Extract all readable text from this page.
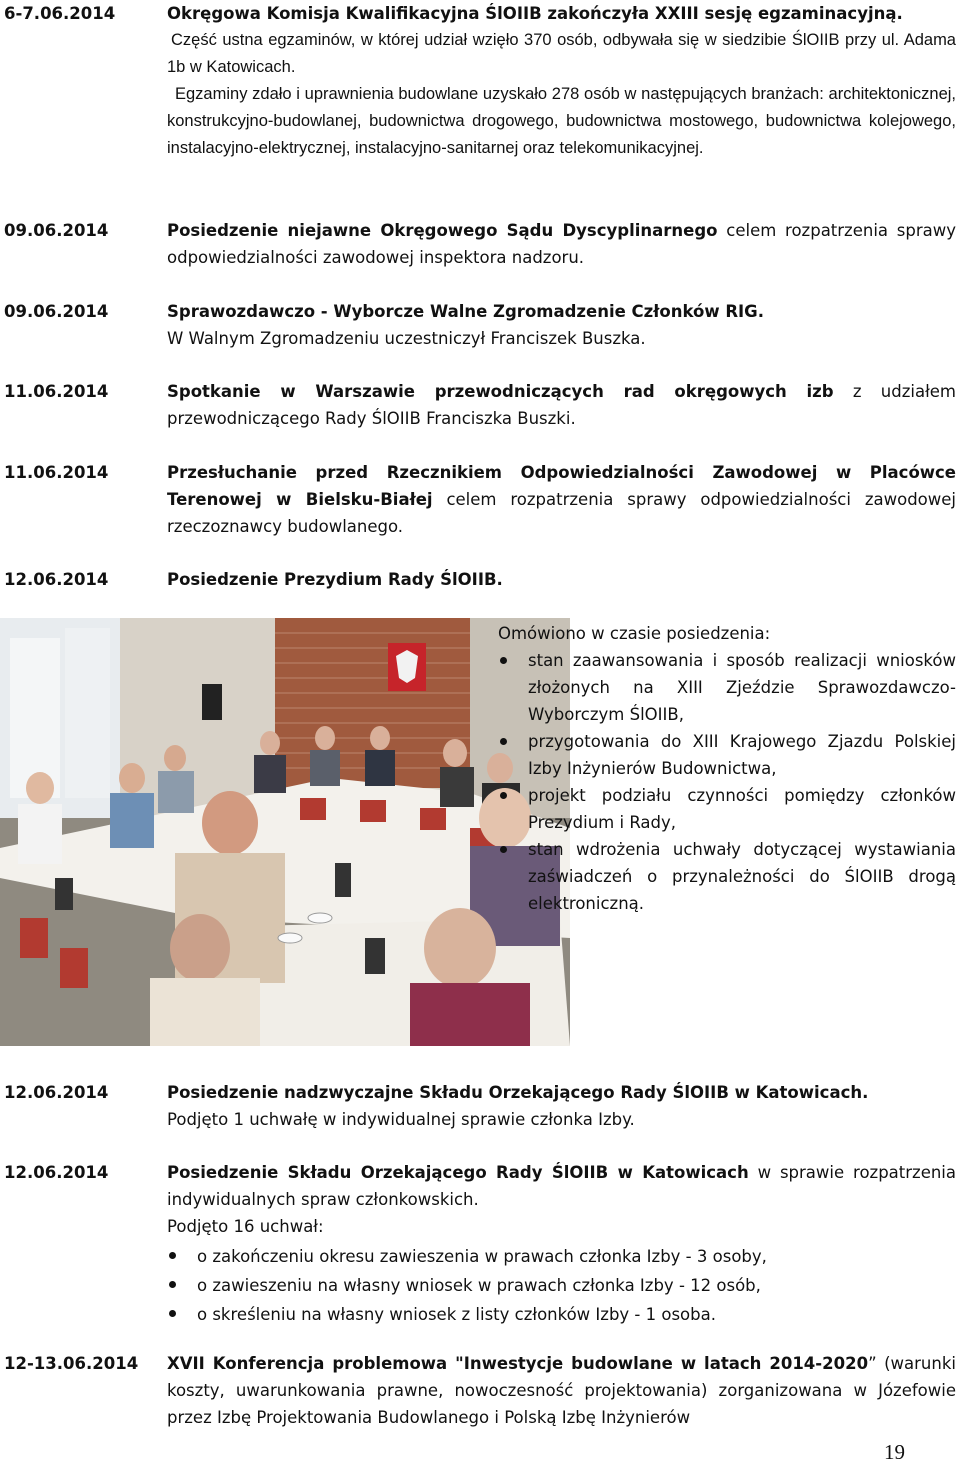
6-7.06.2014	Okręgowa Komisja Kwalifikacyjna ŚlOIIB zakończyła XXIII sesję egzaminacyjną.

Część ustna egzaminów, w której udział wzięło 370 osób, odbywała się w siedzibie ŚlOIIB przy ul. Adama 1b w Katowicach.

Egzaminy zdało i uprawnienia budowlane uzyskało 278 osób w następujących branżach: architektonicznej, konstrukcyjno-budowlanej, budownictwa drogowego, budownictwa mostowego, budownictwa kolejowego, instalacyjno-elektrycznej, instalacyjno-sanitarnej oraz telekomunikacyjnej.

09.06.2014	Posiedzenie niejawne Okręgowego Sądu Dyscyplinarnego celem rozpatrzenia sprawy odpowiedzialności zawodowej inspektora nadzoru.
09.06.2014	Sprawozdawczo - Wyborcze Walne Zgromadzenie Członków RIG.
W Walnym Zgromadzeniu uczestniczył Franciszek Buszka.
11.06.2014	Spotkanie w Warszawie przewodniczących rad okręgowych izb z udziałem przewodniczącego Rady ŚlOIIB Franciszka Buszki.
11.06.2014	Przesłuchanie przed Rzecznikiem Odpowiedzialności Zawodowej w Placówce Terenowej w Bielsku-Białej celem rozpatrzenia sprawy odpowiedzialności zawodowej rzeczoznawcy budowlanego.
12.06.2014	Posiedzenie Prezydium Rady ŚlOIIB.
Omówiono w czasie posiedzenia:
stan zaawansowania i sposób realizacji wniosków złożonych na XIII Zjeździe Sprawozdawczo- Wyborczym ŚlOIIB,
przygotowania do XIII Krajowego Zjazdu Polskiej Izby Inżynierów Budownictwa,
projekt podziału czynności pomiędzy członków Prezydium i Rady,
stan wdrożenia uchwały dotyczącej wystawiania zaświadczeń o przynależności do ŚlOIIB drogą elektroniczną.
12.06.2014	Posiedzenie nadzwyczajne Składu Orzekającego Rady ŚlOIIB w Katowicach.
Podjęto 1 uchwałę w indywidualnej sprawie członka Izby.
12.06.2014	Posiedzenie Składu Orzekającego Rady ŚlOIIB w Katowicach w sprawie rozpatrzenia indywidualnych spraw członkowskich.
Podjęto 16 uchwał:
o zakończeniu okresu zawieszenia w prawach członka Izby - 3 osoby,
o zawieszeniu na własny wniosek w prawach członka Izby - 12 osób,
o skreśleniu na własny wniosek z listy członków Izby - 1 osoba.
12-13.06.2014 XVII Konferencja problemowa "Inwestycje budowlane w latach 2014-2020” (warunki koszty, uwarunkowania prawne, nowoczesność projektowania) zorganizowana w Józefowie przez Izbę Projektowania Budowlanego i Polską Izbę Inżynierów
19
